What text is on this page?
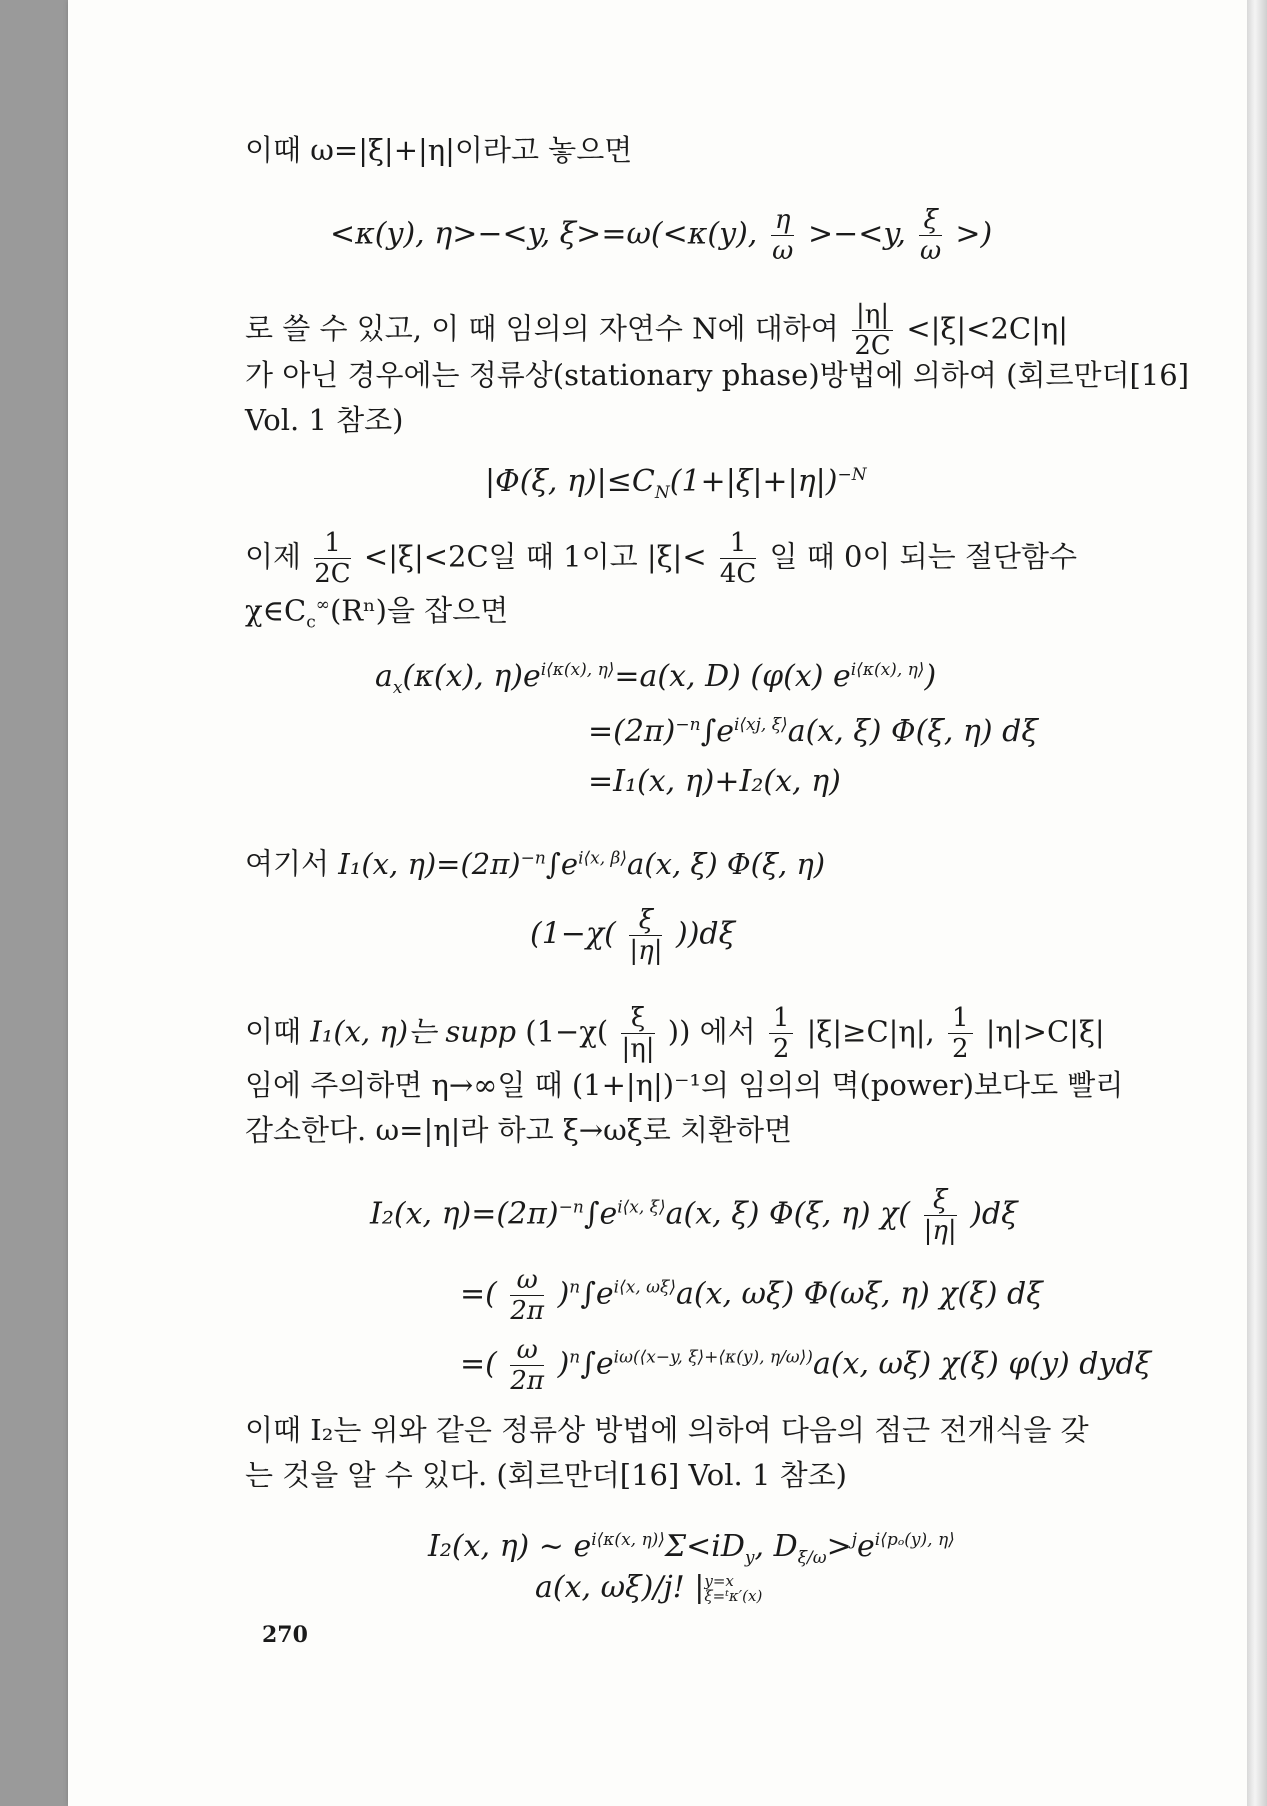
이때 ω=|ξ|+|η|이라고 놓으면
<κ(y), η>−<y, ξ>=ω(<κ(y), $\frac{\eta}{\omega} >-<y$, $\frac{\xi}{\omega}$ >)
로 쓸 수 있고, 이 때 임의의 자연수 N에 대하여 $\frac{|\eta|}{2C} <|\xi|<2C|\eta|$
가 아닌 경우에는 정류상(stationary phase)방법에 의하여 (회르만더[16]
Vol. 1 참조)
|Φ(ξ, $\eta)|\le C_N(1+|\xi|+|\eta|)^{-N}$
이제 $\frac{1}{2C} <|\xi|<2C$일 때 1이고 $|\xi|< \frac{1}{4C}$ 일 때 0이 되는 절단함수
$\chi\in C_c^\infty(R^n)$을 잡으면
$a_x(\kappa(x)$, $\eta)e^{i⟨\kappa(x), \eta⟩}=a(x$, D) (φ(x) $e^{i⟨\kappa(x), \eta⟩}$)
$=(2\pi)^{-n}\int e^{i⟨xj, \xi⟩}a(x$, ξ) Φ(ξ, η) dξ
=I₁(x, η)+I₂(x, η)
여기서 I₁(x, $\eta)=(2\pi)^{-n}\int e^{i⟨x, \beta⟩}a(x$, ξ) Φ(ξ, η)
$(1-\chi( \frac{\xi}{|\eta|} ))d\xi$
이때 I₁(x, η)는 supp ($1-\chi( \frac{\xi}{|\eta|}$ )) 에서 $\frac{1}{2} |\xi|\ge C|\eta|$, $\frac{1}{2} |\eta|>C|\xi|$
임에 주의하면 η→∞일 때 (1+|η|)⁻¹의 임의의 멱(power)보다도 빨리
감소한다. ω=|η|라 하고 ξ→ωξ로 치환하면
I₂(x, $\eta)=(2\pi)^{-n}\int e^{i⟨x, \xi⟩}a(x$, ξ) Φ(ξ, η) $\chi( \frac{\xi}{|\eta|} )d\xi$
=( $\frac{\omega}{2\pi} )^n\int e^{i⟨x, \omega\xi⟩}a(x$, ωξ) Φ(ωξ, η) χ(ξ) dξ
=( $\frac{\omega}{2\pi} )^n\int e^{i\omega(⟨x-y, \xi⟩+⟨\kappa(y), \eta/\omega⟩)}a(x$, ωξ) χ(ξ) φ(y) dydξ
이때 I₂는 위와 같은 정류상 방법에 의하여 다음의 점근 전개식을 갖
는 것을 알 수 있다. (회르만더[16] Vol. 1 참조)
I₂(x, η) ~ $e^{i⟨\kappa(x, \eta)⟩}\Sigma<iD_y$, $D_{\xi/\omega}>^je^{i⟨p_o(y), \eta⟩}$
a(x, ωξ)/j! | y=x
ξ=ᵗκ′(x)
270
